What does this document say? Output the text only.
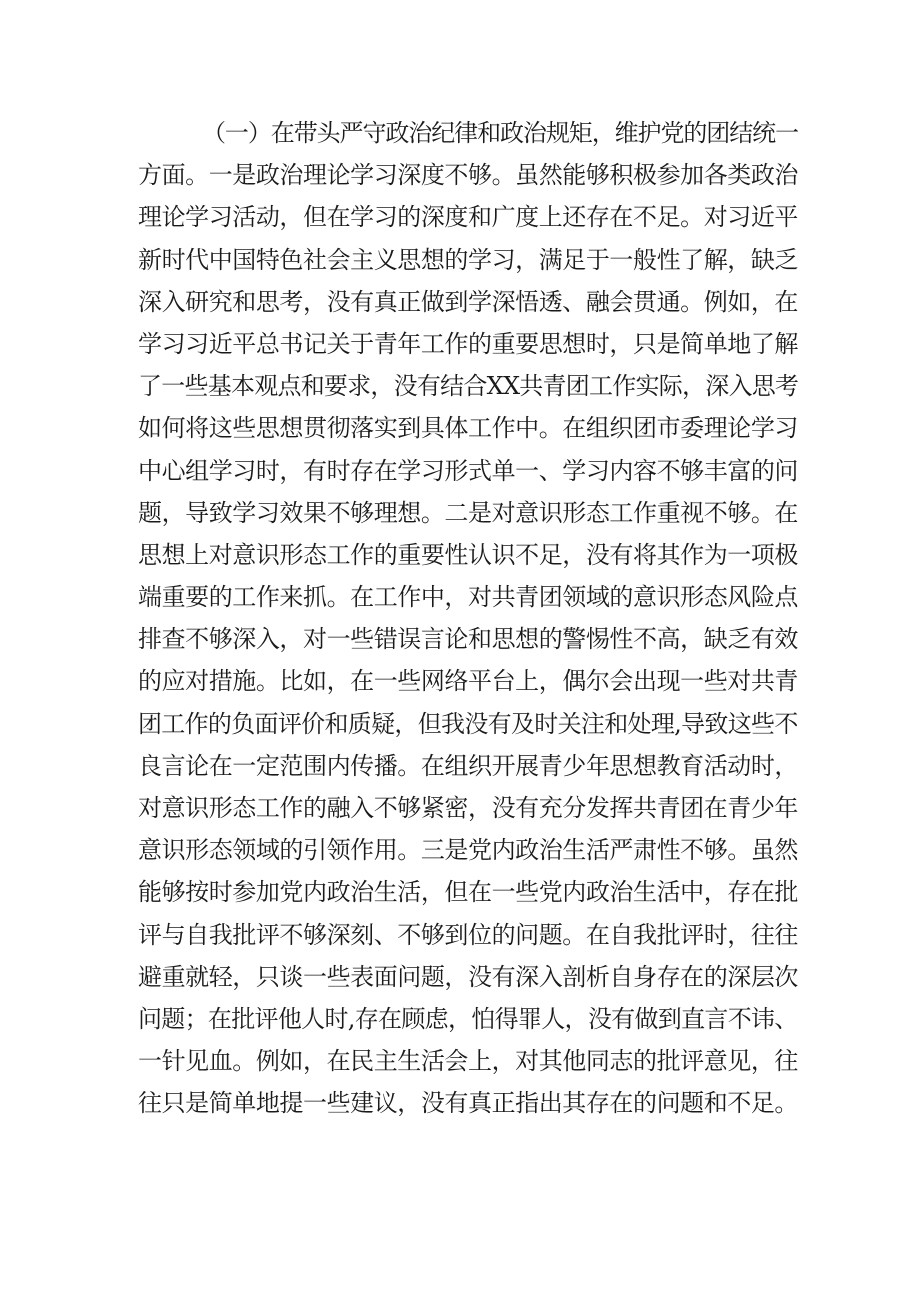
（一）在带头严守政治纪律和政治规矩，维护党的团结统一
方面。一是政治理论学习深度不够。虽然能够积极参加各类政治
理论学习活动，但在学习的深度和广度上还存在不足。对习近平
新时代中国特色社会主义思想的学习，满足于一般性了解，缺乏
深入研究和思考，没有真正做到学深悟透、融会贯通。例如，在
学习习近平总书记关于青年工作的重要思想时，只是简单地了解
了一些基本观点和要求，没有结合XX共青团工作实际，深入思考
如何将这些思想贯彻落实到具体工作中。在组织团市委理论学习
中心组学习时，有时存在学习形式单一、学习内容不够丰富的问
题，导致学习效果不够理想。二是对意识形态工作重视不够。在
思想上对意识形态工作的重要性认识不足，没有将其作为一项极
端重要的工作来抓。在工作中，对共青团领域的意识形态风险点
排查不够深入，对一些错误言论和思想的警惕性不高，缺乏有效
的应对措施。比如，在一些网络平台上，偶尔会出现一些对共青
团工作的负面评价和质疑，但我没有及时关注和处理,导致这些不
良言论在一定范围内传播。在组织开展青少年思想教育活动时，
对意识形态工作的融入不够紧密，没有充分发挥共青团在青少年
意识形态领域的引领作用。三是党内政治生活严肃性不够。虽然
能够按时参加党内政治生活，但在一些党内政治生活中，存在批
评与自我批评不够深刻、不够到位的问题。在自我批评时，往往
避重就轻，只谈一些表面问题，没有深入剖析自身存在的深层次
问题；在批评他人时,存在顾虑，怕得罪人，没有做到直言不讳、
一针见血。例如，在民主生活会上，对其他同志的批评意见，往
往只是简单地提一些建议，没有真正指出其存在的问题和不足。
